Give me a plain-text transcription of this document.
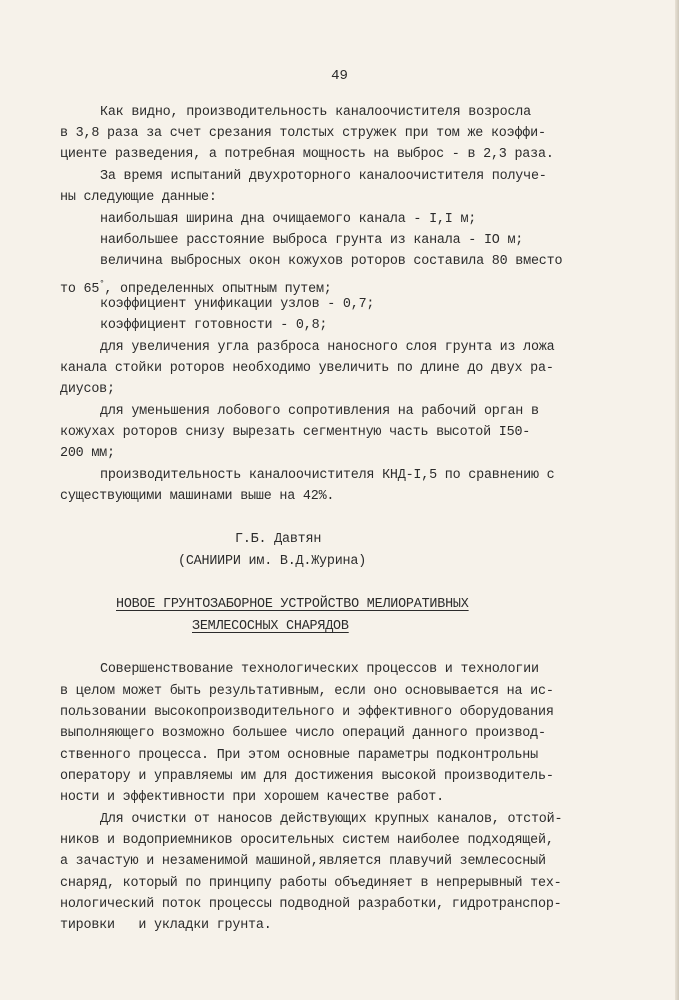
49
Как видно, производительность каналоочистителя возросла
в 3,8 раза за счет срезания толстых стружек при том же коэффи-
циенте разведения, а потребная мощность на выброс - в 2,3 раза.
За время испытаний двухроторного каналоочистителя получе-
ны следующие данные:
наибольшая ширина дна очищаемого канала - I,I м;
наибольшее расстояние выброса грунта из канала - IO м;
величина выбросных окон кожухов роторов составила 80 вместо
то 65°, определенных опытным путем;
коэффициент унификации узлов - 0,7;
коэффициент готовности - 0,8;
для увеличения угла разброса наносного слоя грунта из ложа
канала стойки роторов необходимо увеличить по длине до двух ра-
диусов;
для уменьшения лобового сопротивления на рабочий орган в
кожухах роторов снизу вырезать сегментную часть высотой I50-
200 мм;
производительность каналоочистителя КНД-I,5 по сравнению с
существующими машинами выше на 42%.
Г.Б. Давтян
(САНИИРИ им. В.Д.Журина)
НОВОЕ ГРУНТОЗАБОРНОЕ УСТРОЙСТВО МЕЛИОРАТИВНЫХ
ЗЕМЛЕСОСНЫХ СНАРЯДОВ
Совершенствование технологических процессов и технологии
в целом может быть результативным, если оно основывается на ис-
пользовании высокопроизводительного и эффективного оборудования
выполняющего возможно большее число операций данного производ-
ственного процесса. При этом основные параметры подконтрольны
оператору и управляемы им для достижения высокой производитель-
ности и эффективности при хорошем качестве работ.
Для очистки от наносов действующих крупных каналов, отстой-
ников и водоприемников оросительных систем наиболее подходящей,
а зачастую и незаменимой машиной,является плавучий землесосный
снаряд, который по принципу работы объединяет в непрерывный тех-
нологический поток процессы подводной разработки, гидротранспор-
тировки   и укладки грунта.
